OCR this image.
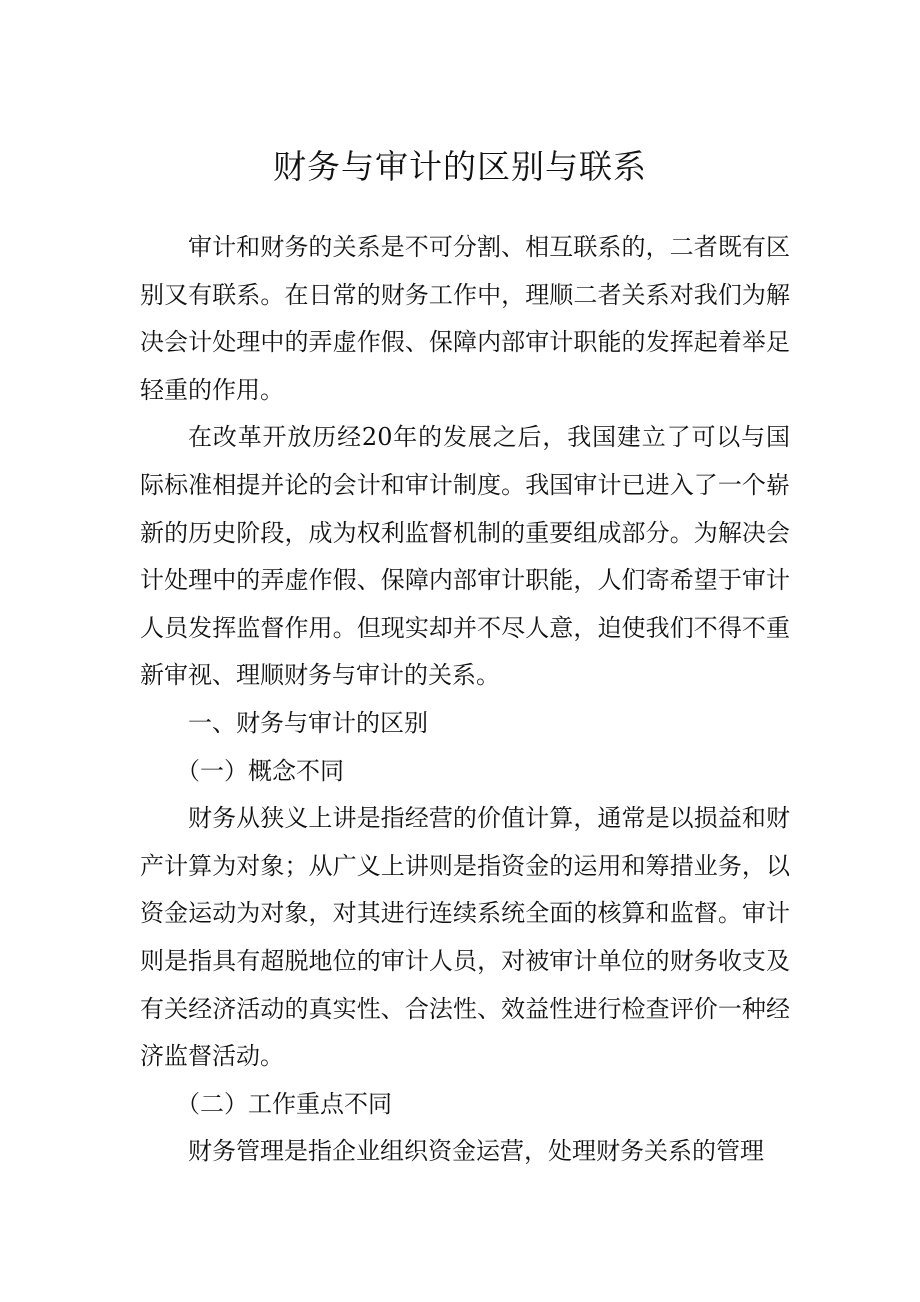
财务与审计的区别与联系

审计和财务的关系是不可分割、相互联系的，二者既有区别又有联系。在日常的财务工作中，理顺二者关系对我们为解决会计处理中的弄虚作假、保障内部审计职能的发挥起着举足轻重的作用。

在改革开放历经20年的发展之后，我国建立了可以与国际标准相提并论的会计和审计制度。我国审计已进入了一个崭新的历史阶段，成为权利监督机制的重要组成部分。为解决会计处理中的弄虚作假、保障内部审计职能，人们寄希望于审计人员发挥监督作用。但现实却并不尽人意，迫使我们不得不重新审视、理顺财务与审计的关系。

一、财务与审计的区别

（一）概念不同

财务从狭义上讲是指经营的价值计算，通常是以损益和财产计算为对象；从广义上讲则是指资金的运用和筹措业务，以资金运动为对象，对其进行连续系统全面的核算和监督。审计则是指具有超脱地位的审计人员，对被审计单位的财务收支及有关经济活动的真实性、合法性、效益性进行检查评价一种经济监督活动。

（二）工作重点不同

财务管理是指企业组织资金运营，处理财务关系的管理
